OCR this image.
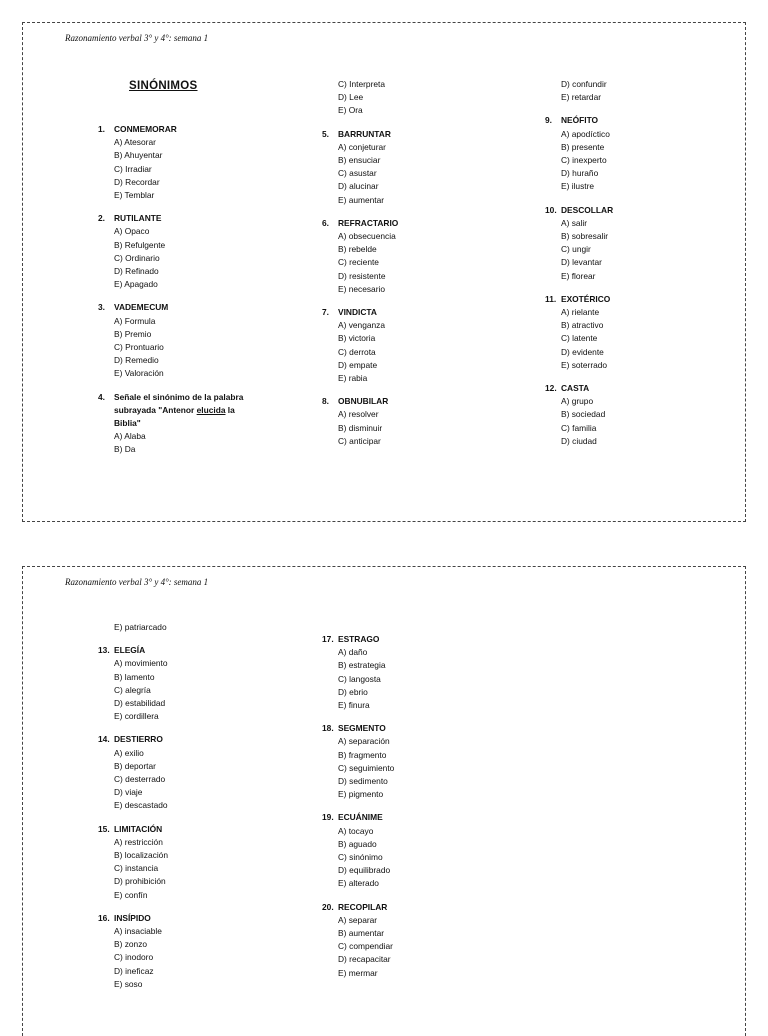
Razonamiento verbal 3° y 4°: semana 1
SINÓNIMOS
1.	CONMEMORAR
A) Atesorar
B) Ahuyentar
C) Irradiar
D) Recordar
E) Temblar
2.	RUTILANTE
A) Opaco
B) Refulgente
C) Ordinario
D) Refinado
E) Apagado
3.	VADEMECUM
A) Formula
B) Premio
C) Prontuario
D) Remedio
E) Valoración
4.	Señale el sinónimo de la palabra
subrayada "Antenor elucida la
Biblia"
A) Alaba
B) Da
C) Interpreta
D) Lee
E) Ora
5.	BARRUNTAR
A) conjeturar
B) ensuciar
C) asustar
D) alucinar
E) aumentar
6.	REFRACTARIO
A) obsecuencia
B) rebelde
C) reciente
D) resistente
E) necesario
7.	VINDICTA
A) venganza
B) victoria
C) derrota
D) empate
E) rabia
8.	OBNUBILAR
A) resolver
B) disminuir
C) anticipar
D) confundir
E) retardar
9.	NEÓFITO
A) apodíctico
B) presente
C) inexperto
D) huraño
E) ilustre
10. DESCOLLAR
A) salir
B) sobresalir
C) ungir
D) levantar
E) florear
11. EXOTÉRICO
A) rielante
B) atractivo
C) latente
D) evidente
E) soterrado
12. CASTA
A) grupo
B) sociedad
C) familia
D) ciudad
Razonamiento verbal 3° y 4°: semana 1
E) patriarcado
13. ELEGÍA
A) movimiento
B) lamento
C) alegría
D) estabilidad
E) cordillera
14. DESTIERRO
A) exilio
B) deportar
C) desterrado
D) viaje
E) descastado
15. LIMITACIÓN
A) restricción
B) localización
C) instancia
D) prohibición
E) confín
16. INSÍPIDO
A) insaciable
B) zonzo
C) inodoro
D) ineficaz
E) soso
17. ESTRAGO
A) daño
B) estrategia
C) langosta
D) ebrio
E) finura
18. SEGMENTO
A) separación
B) fragmento
C) seguimiento
D) sedimento
E) pigmento
19. ECUÁNIME
A) tocayo
B) aguado
C) sinónimo
D) equilibrado
E) alterado
20. RECOPILAR
A) separar
B) aumentar
C) compendiar
D) recapacitar
E) mermar
